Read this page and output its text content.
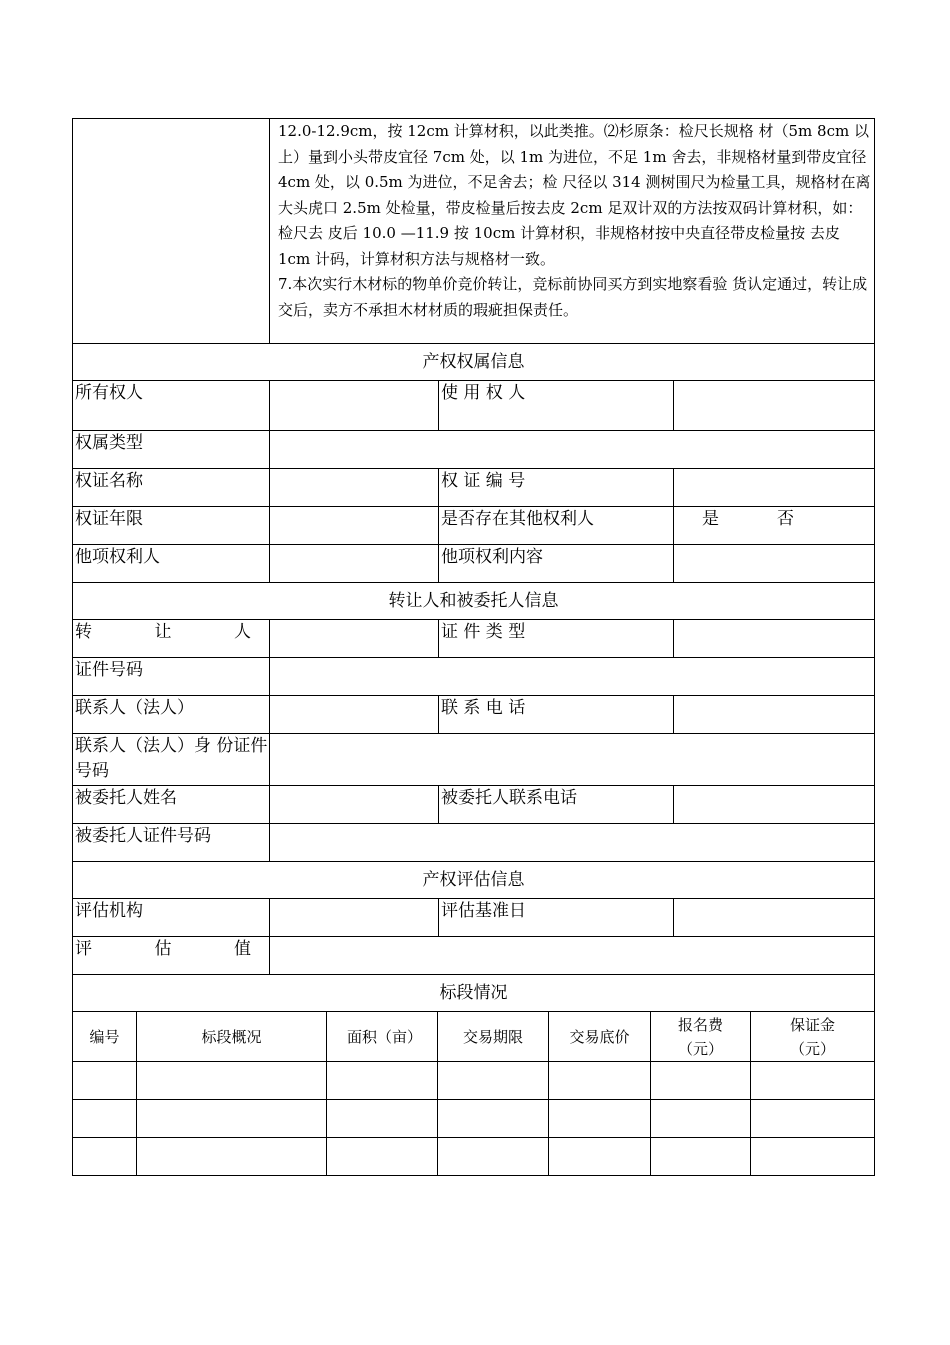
	12.0-12.9cm，按 12cm 计算材积，以此类推。⑵杉原条：检尺长规格 材（5m 8cm 以上）量到小头带皮宜径 7cm 处，以 1m 为进位，不足 1m 舍去，非规格材量到带皮宜径 4cm 处，以 0.5m 为进位，不足舍去；检 尺径以 314 测树围尺为检量工具，规格材在离大头虎口 2.5m 处检量，带皮检量后按去皮 2cm 足双计双的方法按双码计算材积，如：检尺去 皮后 10.0 —11.9 按 10cm 计算材积，非规格材按中央直径带皮检量按 去皮 1cm 计码，计算材积方法与规格材一致。

7.本次实行木材标的物单价竞价转让，竞标前协同买方到实地察看验 货认定通过，转让成交后，卖方不承担木材材质的瑕疵担保责任。		

产权权属信息			
所有权人		使 用 权 人	
权属类型			
权证名称		权 证 编 号	
权证年限		是否存在其他权利人	是 否
他项权利人		他项权利内容	
转让人和被委托人信息			

转 让 人		证 件 类 型	
证件号码			
联系人（法人）		联 系 电 话	
联系人（法人）身 份证件号码			
被委托人姓名		被委托人联系电话	
被委托人证件号码			
产权评估信息			
评估机构		评估基准日	

评 估 值			

标段情况			
编号	标段概况	面积（亩）	交易期限	交易底价	报名费（元）	保证金（元）
